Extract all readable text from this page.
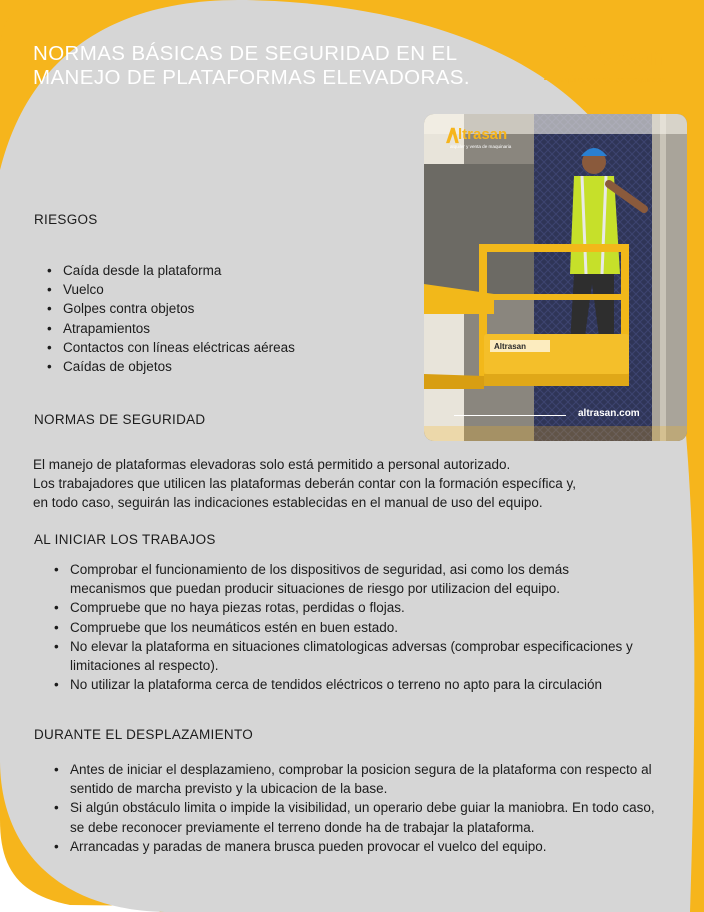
NORMAS BÁSICAS DE SEGURIDAD EN EL
MANEJO DE PLATAFORMAS ELEVADORAS.
ltrasan
alquiler y venta de maquinaria
Altrasan
ltrasan
alquiler y venta de maquinaria
altrasan.com
RIESGOS
• Caída desde la plataforma
• Vuelco
• Golpes contra objetos
• Atrapamientos
• Contactos con líneas eléctricas aéreas
• Caídas de objetos
NORMAS DE SEGURIDAD

El manejo de plataformas elevadoras solo está permitido a personal autorizado.
Los trabajadores que utilicen las plataformas deberán contar con la formación específica y,
en todo caso, seguirán las indicaciones establecidas en el manual de uso del equipo.

AL INICIAR LOS TRABAJOS
• Comprobar el funcionamiento de los dispositivos de seguridad, asi como los demás mecanismos que puedan producir situaciones de riesgo por utilizacion del equipo.
• Compruebe que no haya piezas rotas, perdidas o flojas.
• Compruebe que los neumáticos estén en buen estado.
• No elevar la plataforma en situaciones climatologicas adversas (comprobar especificaciones y limitaciones al respecto).
• No utilizar la plataforma cerca de tendidos eléctricos o terreno no apto para la circulación
DURANTE EL DESPLAZAMIENTO
• Antes de iniciar el desplazamieno, comprobar la posicion segura de la plataforma con respecto al sentido de marcha previsto y la ubicacion de la base.
• Si algún obstáculo limita o impide la visibilidad, un operario debe guiar la maniobra. En todo caso, se debe reconocer previamente el terreno donde ha de trabajar la plataforma.
• Arrancadas y paradas de manera brusca pueden provocar el vuelco del equipo.
